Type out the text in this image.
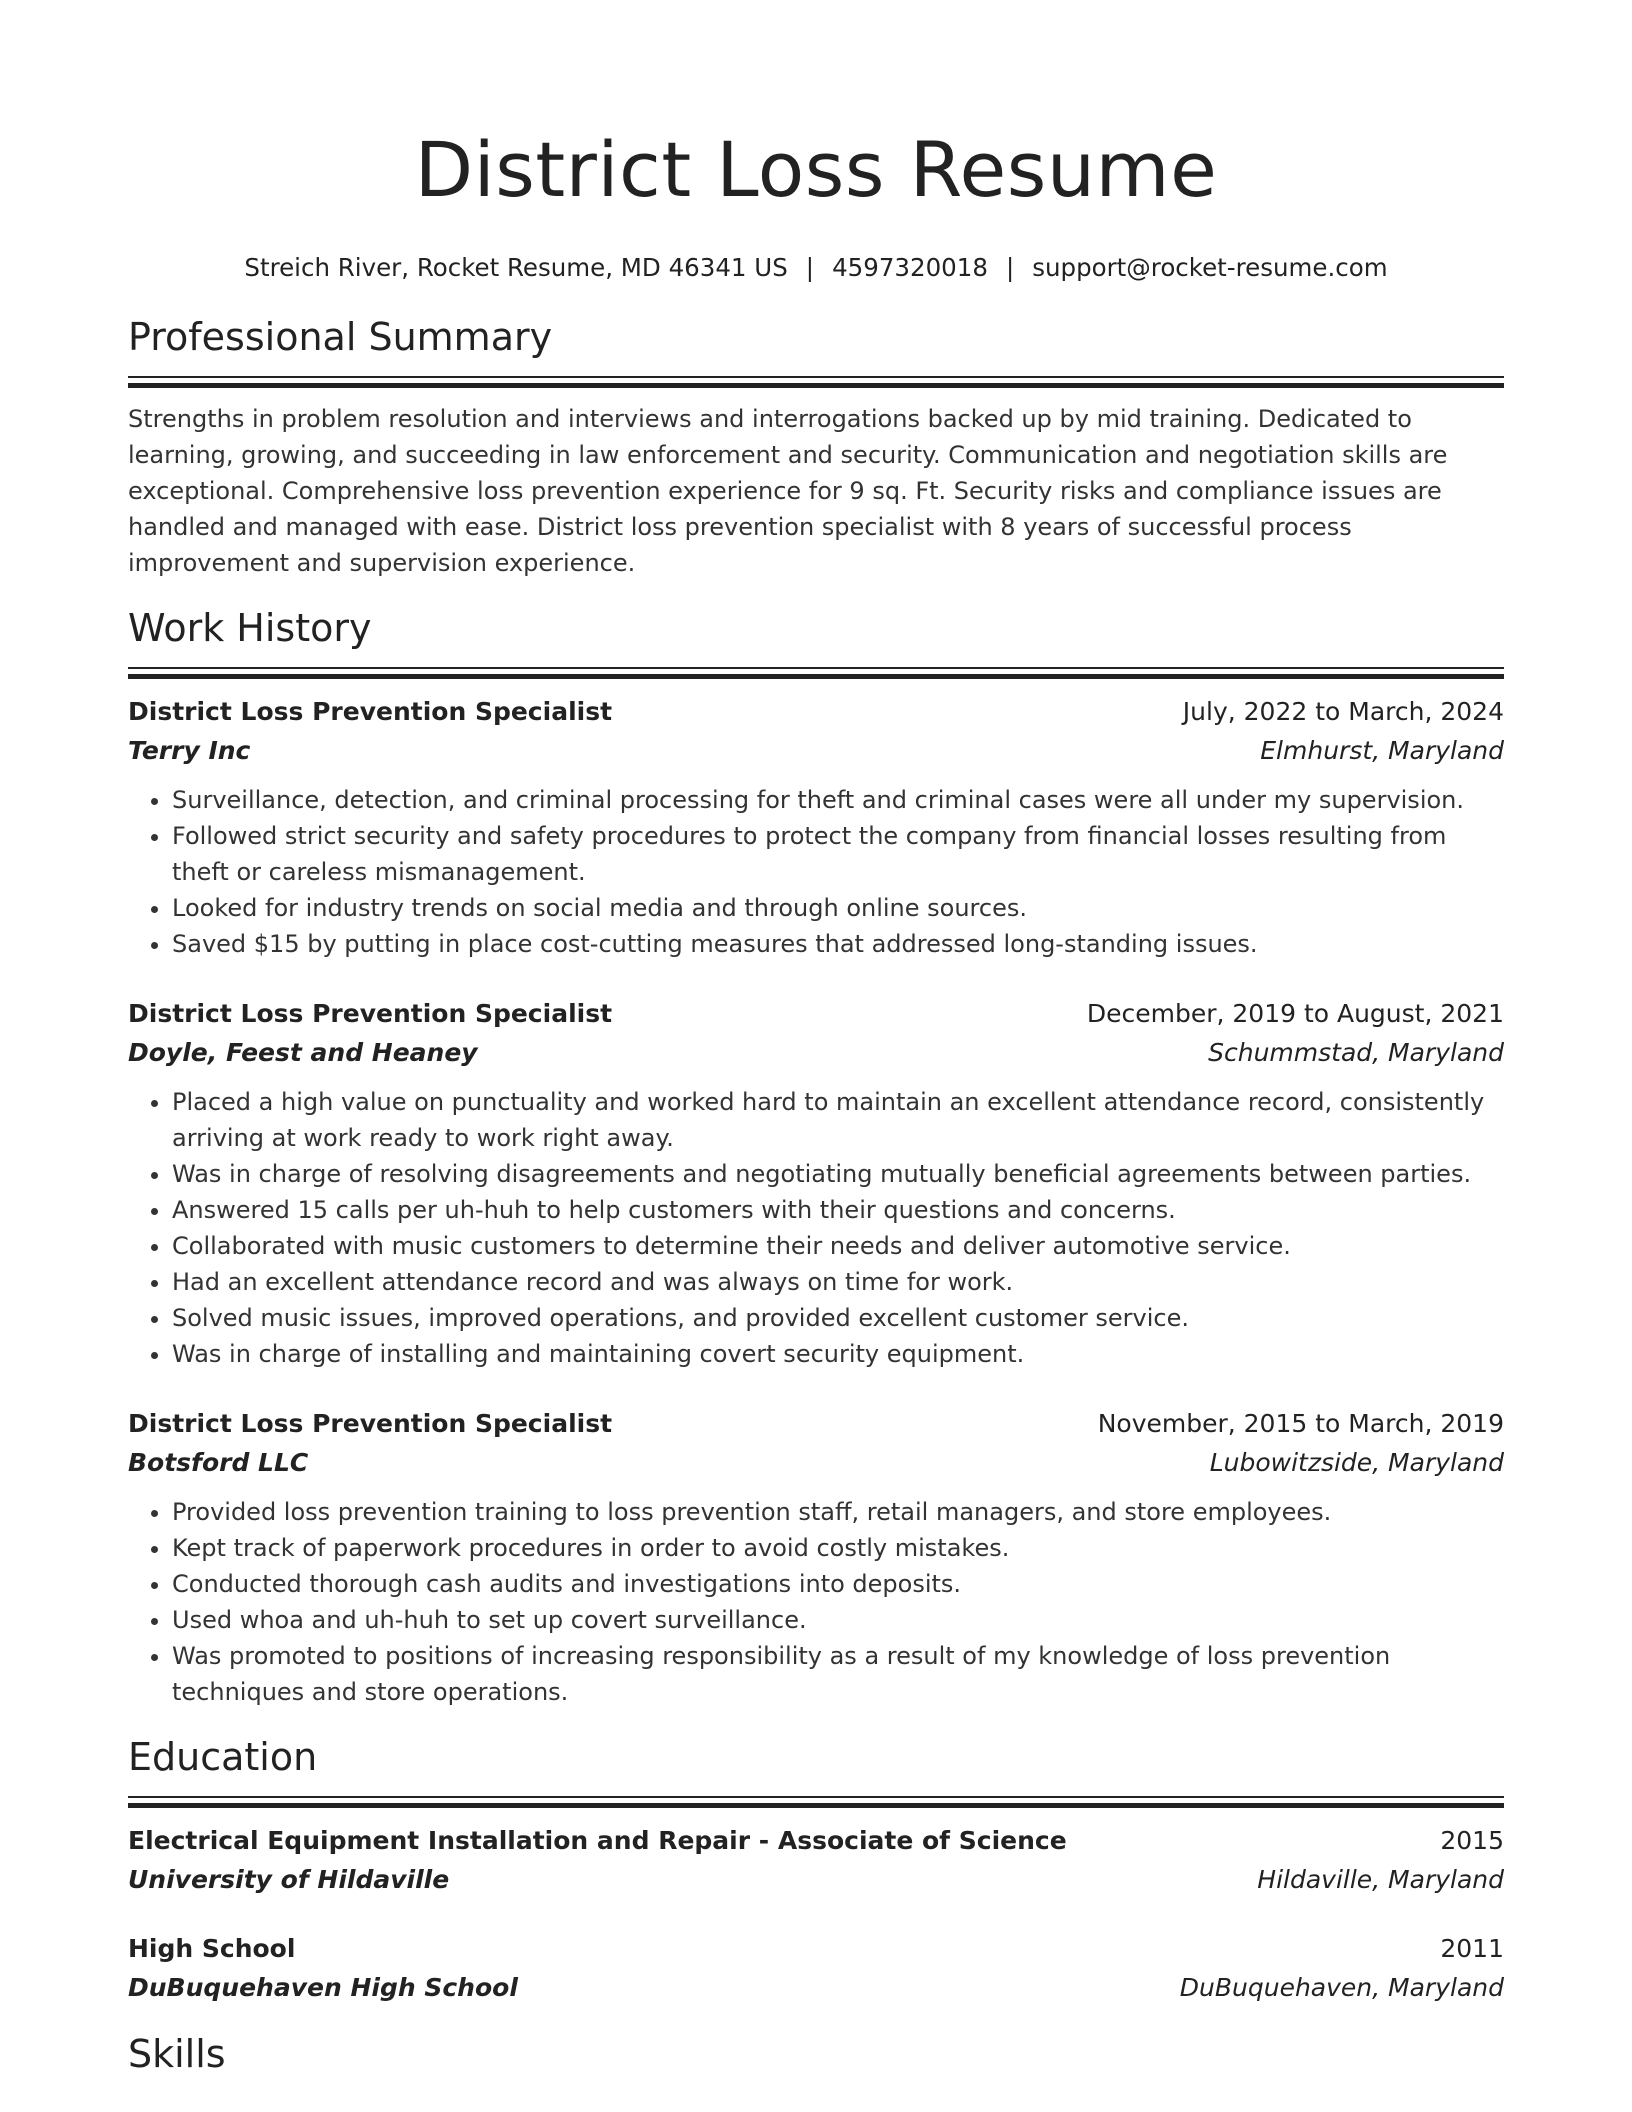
District Loss Resume
Streich River, Rocket Resume, MD 46341 US | 4597320018 | support@rocket-resume.com
Professional Summary
Strengths in problem resolution and interviews and interrogations backed up by mid training. Dedicated to learning, growing, and succeeding in law enforcement and security. Communication and negotiation skills are exceptional. Comprehensive loss prevention experience for 9 sq. Ft. Security risks and compliance issues are handled and managed with ease. District loss prevention specialist with 8 years of successful process improvement and supervision experience.
Work History
District Loss Prevention Specialist	July, 2022 to March, 2024
Terry Inc	Elmhurst, Maryland
• Surveillance, detection, and criminal processing for theft and criminal cases were all under my supervision.
• Followed strict security and safety procedures to protect the company from financial losses resulting from theft or careless mismanagement.
• Looked for industry trends on social media and through online sources.
• Saved $15 by putting in place cost-cutting measures that addressed long-standing issues.
District Loss Prevention Specialist	December, 2019 to August, 2021
Doyle, Feest and Heaney	Schummstad, Maryland
• Placed a high value on punctuality and worked hard to maintain an excellent attendance record, consistently arriving at work ready to work right away.
• Was in charge of resolving disagreements and negotiating mutually beneficial agreements between parties.
• Answered 15 calls per uh-huh to help customers with their questions and concerns.
• Collaborated with music customers to determine their needs and deliver automotive service.
• Had an excellent attendance record and was always on time for work.
• Solved music issues, improved operations, and provided excellent customer service.
• Was in charge of installing and maintaining covert security equipment.
District Loss Prevention Specialist	November, 2015 to March, 2019
Botsford LLC	Lubowitzside, Maryland
• Provided loss prevention training to loss prevention staff, retail managers, and store employees.
• Kept track of paperwork procedures in order to avoid costly mistakes.
• Conducted thorough cash audits and investigations into deposits.
• Used whoa and uh-huh to set up covert surveillance.
• Was promoted to positions of increasing responsibility as a result of my knowledge of loss prevention techniques and store operations.
Education
Electrical Equipment Installation and Repair - Associate of Science	2015
University of Hildaville	Hildaville, Maryland
High School	2011
DuBuquehaven High School	DuBuquehaven, Maryland
Skills
